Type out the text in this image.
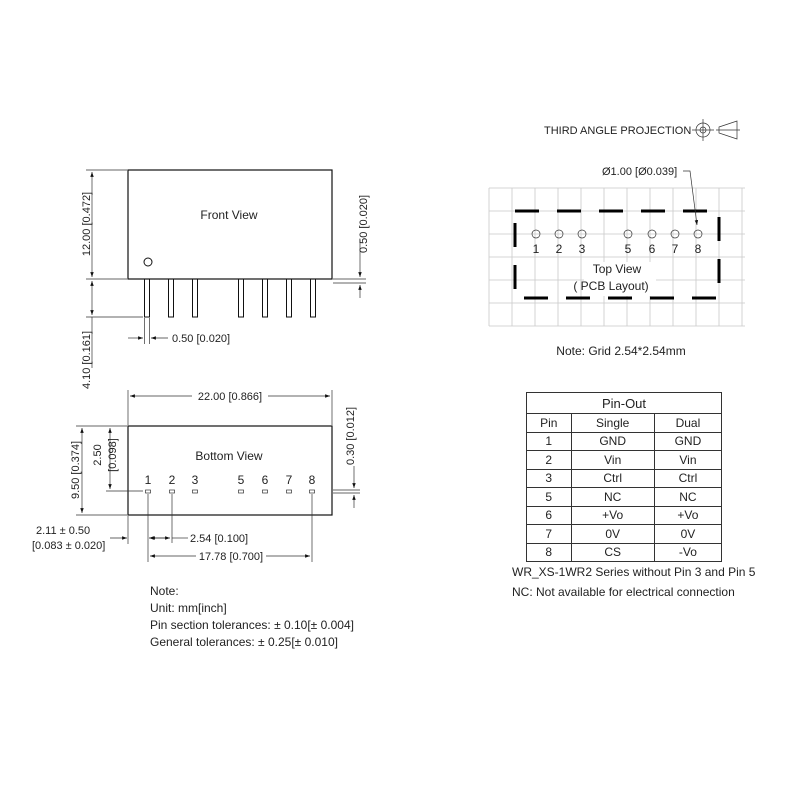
THIRD ANGLE PROJECTION
Front View
12.00 [0.472]
4.10 [0.161]	0.50 [0.020]
0.50 [0.020]	1 2 3	5 6 7 8
Top View
( PCB Layout)
Ø1.00 [Ø0.039]
Note: Grid 2.54*2.54mm
Bottom View
1 2 3	5 6 7 8
22.00 [0.866]
9.50 [0.374] 2.50 [0.098]	0.30 [0.012]
2.54 [0.100]
2.11 ± 0.50
[0.083 ± 0.020]
17.78 [0.700]
Note:
Unit: mm[inch]
Pin section tolerances: ± 0.10[± 0.004]
General tolerances: ± 0.25[± 0.010]
Pin-Out		
Pin	Single	Dual
1	GND	GND
2	Vin	Vin
3	Ctrl	Ctrl
5	NC	NC
6	+Vo	+Vo
7	0V	0V
8	CS	-Vo
WR_XS-1WR2 Series without Pin 3 and Pin 5
NC: Not available for electrical connection
